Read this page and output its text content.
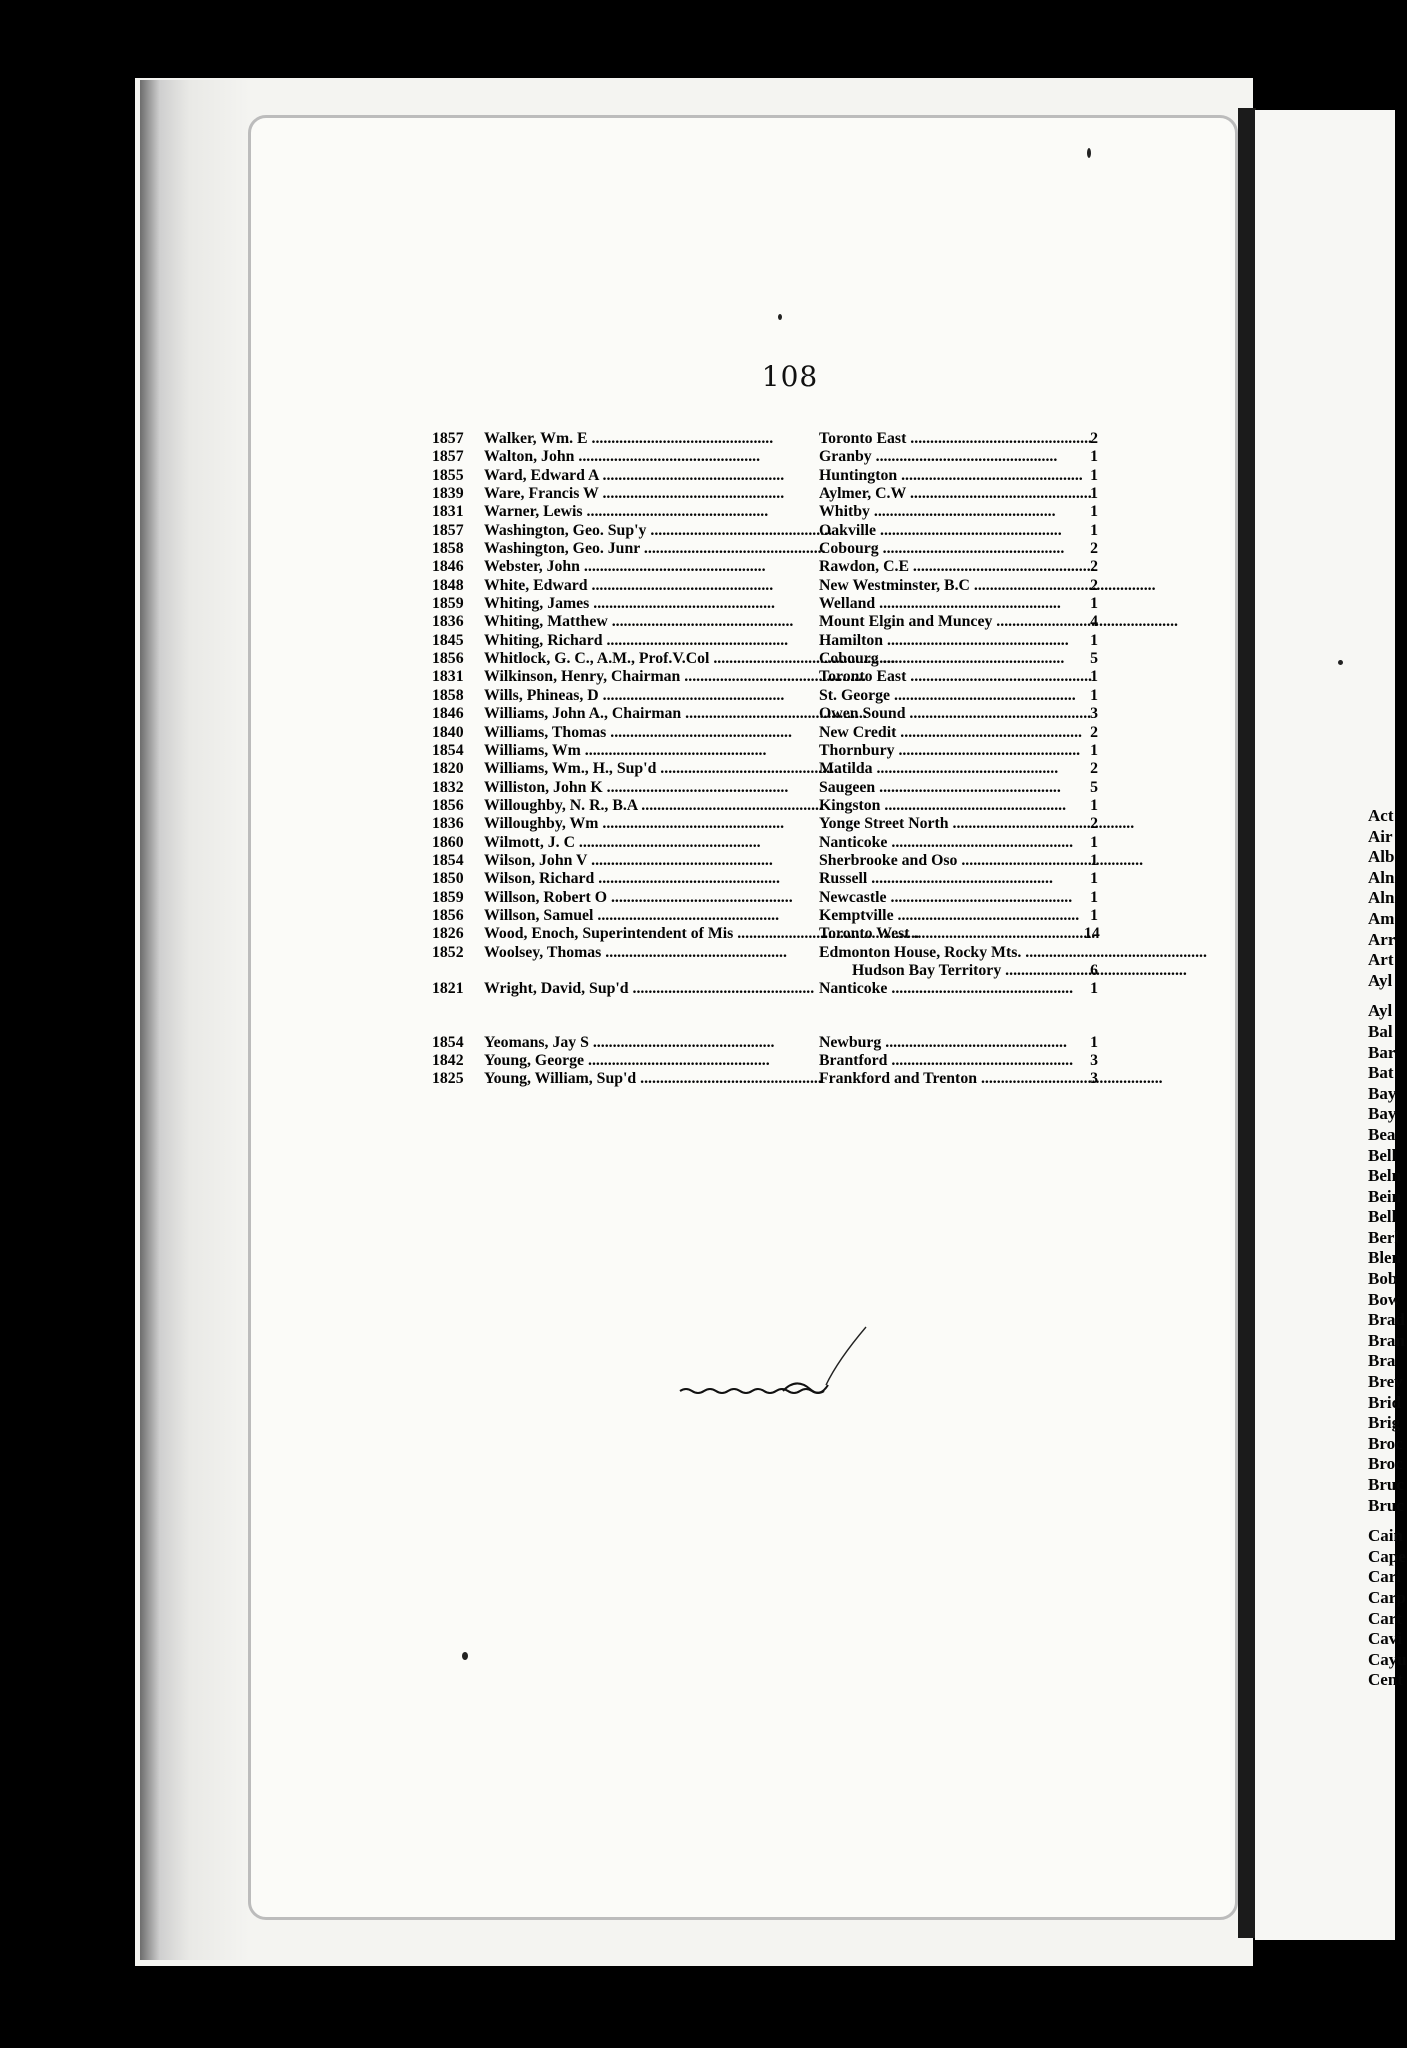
108
1857	Walker, Wm. E .....	Toronto East .....	2
1857	Walton, John .....	Granby .....	1
1855	Ward, Edward A .....	Huntington .....	1
1839	Ware, Francis W .....	Aylmer, C.W .....	1
1831	Warner, Lewis .....	Whitby .....	1
1857	Washington, Geo. Sup'y .....	Oakville .....	1
1858	Washington, Geo. Junr .....	Cobourg .....	2
1846	Webster, John .....	Rawdon, C.E .....	2
1848	White, Edward .....	New Westminster, B.C .....	2
1859	Whiting, James .....	Welland .....	1
1836	Whiting, Matthew .....	Mount Elgin and Muncey .....	4
1845	Whiting, Richard .....	Hamilton .....	1
1856	Whitlock, G. C., A.M., Prof.V.Col .....	Cobourg .....	5
1831	Wilkinson, Henry, Chairman .....	Toronto East .....	1
1858	Wills, Phineas, D .....	St. George .....	1
1846	Williams, John A., Chairman .....	Owen Sound .....	3
1840	Williams, Thomas .....	New Credit .....	2
1854	Williams, Wm .....	Thornbury .....	1
1820	Williams, Wm., H., Sup'd .....	Matilda .....	2
1832	Williston, John K .....	Saugeen .....	5
1856	Willoughby, N. R., B.A .....	Kingston .....	1
1836	Willoughby, Wm .....	Yonge Street North .....	2
1860	Wilmott, J. C .....	Nanticoke .....	1
1854	Wilson, John V .....	Sherbrooke and Oso .....	1
1850	Wilson, Richard .....	Russell .....	1
1859	Willson, Robert O .....	Newcastle .....	1
1856	Willson, Samuel .....	Kemptville .....	1
1826	Wood, Enoch, Superintendent of Mis .....	Toronto West .....	14
1852	Woolsey, Thomas .....	Edmonton House, Rocky Mts. .....
Hudson Bay Territory .....	6
1821	Wright, David, Sup'd .....	Nanticoke .....	1
1854	Yeomans, Jay S .....	Newburg .....	1
1842	Young, George .....	Brantford .....	3
1825	Young, William, Sup'd .....	Frankford and Trenton .....	3
Act
Air
Alb
Aln
Aln
Am
Arr
Art
Ayl
Ayl
Bal
Bar
Bat
Bay
Bay
Bea
Bell
Beln
Bein
Bell
Berl
Blen
Bob
Bow
Brad
Bran
Bra
Brev
Brid
Brig
Broc
Broc
Bruc
Bruc
Cain
Cape
Carl
Carp
Cart
Cavi
Cayu
Cent
